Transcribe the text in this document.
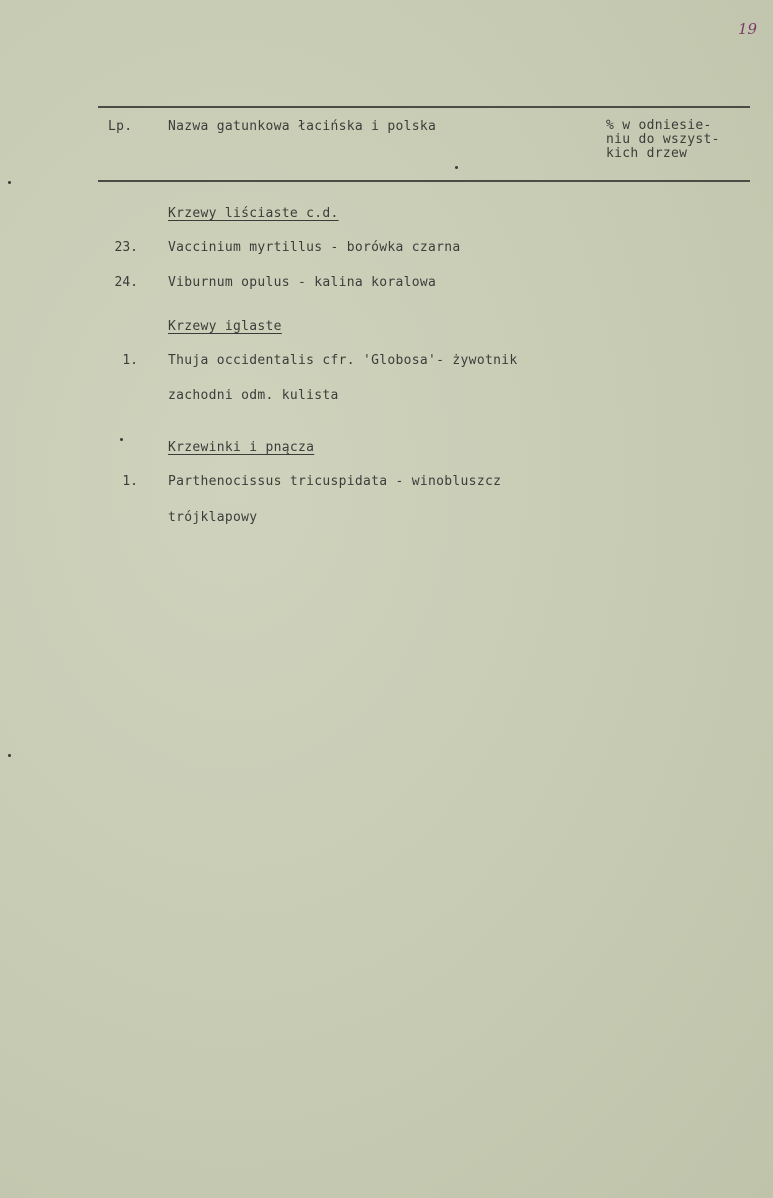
19
Lp.	Nazwa gatunkowa łacińska i polska	% w odniesie-
niu do wszyst-
kich drzew
Krzewy liściaste c.d.
23. Vaccinium myrtillus - borówka czarna
24. Viburnum opulus - kalina koralowa
Krzewy iglaste
1. Thuja occidentalis cfr. 'Globosa'- żywotnik
zachodni odm. kulista
Krzewinki i pnącza
1. Parthenocissus tricuspidata - winobluszcz
trójklapowy
